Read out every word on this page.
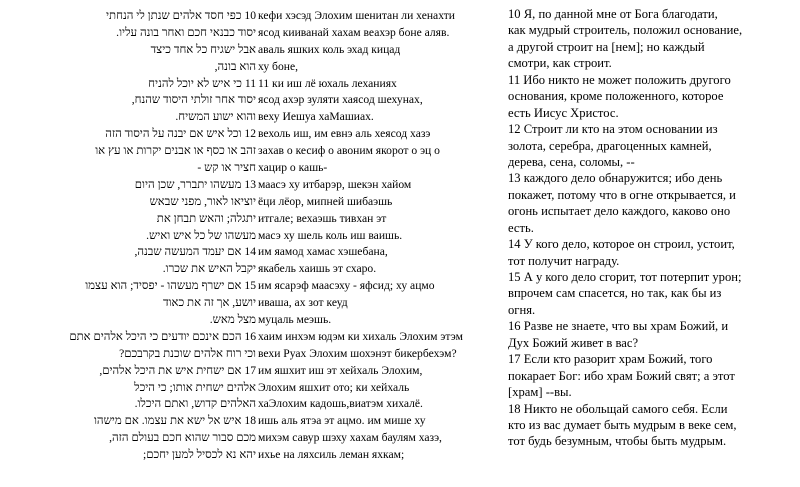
10 כפי חסד אלהים שנתן לי הנחתי
יסוד כבנאי חכם ואחר בונה עליו.
אבל ישגיח כל אחד כיצד
הוא בונה,
11 כי איש לא יוכל להניח
יסוד אחר זולתי היסוד שהנח,
והוא ישוע המשיח.
12 וכל איש אם יבנה על היסוד הזה
זהב או כסף או אבנים יקרות או עץ או
חציר או קש -
13 מעשהו יתברר, שכן היום
יוציאו לאור, מפני שבאש
יתגלה; והאש תבחן את
מעשהו של כל איש ואיש.
14 אם יעמד המעשה שבנה,
יקבל האיש את שכרו.
15 אם ישרף מעשהו - יפסיד; הוא עצמו
יושע, אך זה את כאוד
מצל מאש.
16 הכם אינכם יודעים כי היכל אלהים אתם
וכי רוח אלהים שוכנת בקרבכם?
17 אם ישחית איש את היכל אלהים,
אלהים ישחית אותו; כי היכל
האלהים קדוש, ואתם היכלו.
18 איש אל ישא את עצמו. אם מישהו
מכם סבור שהוא חכם בעולם הזה,
יהא נא לכסיל למען יחכם;
кефи хэсэд Элохим шенитан ли хенахти
ясод кииванай хахам веахэр боне аляв.
аваль яшких коль эхад кицад
ху боне,
11 ки иш лё юхаль леханиях
ясод ахэр зуляти хаясод шехунах,
веху Иешуа хаМашиах.
вехоль иш, им евнэ аль хеясод хазэ
захав о кесиф о авоним якорот о эц о
хацир о кашь-
маасэ ху итбарэр, шекэн хайом
ёци лёор, мипней шибаэшь
итгале; вехаэшь тивхан эт
масэ ху шель коль иш ваишь.
им яамод хамас хэшебана,
якабель хаишь эт схаро.
им ясарэф маасэху - яфсид; ху ацмо
иваша, ах зот кеуд
муцаль меэшь.
хаим инхэм юдэм ки хихаль Элохим этэм
вехи Руах Элохим шохэнэт бикербехэм?
им яшхит иш эт хейхаль Элохим,
Элохим яшхит ото; ки хейхаль
хаЭлохим кадошь,виатэм хихалё.
ишь аль ятэа эт ацмо. им мише ху
михэм савур шэху хахам баулям хазэ,
ихье на ляхсиль леман яхкам;
10 Я, по данной мне от Бога благодати,
как мудрый строитель, положил основание,
а другой строит на [нем]; но каждый
смотри, как строит.
11 Ибо никто не может положить другого
основания, кроме положенного, которое
есть Иисус Христос.
12 Строит ли кто на этом основании из
золота, серебра, драгоценных камней,
дерева, сена, соломы, --
13 каждого дело обнаружится; ибо день
покажет, потому что в огне открывается, и
огонь испытает дело каждого, каково оно
есть.
14 У кого дело, которое он строил, устоит,
тот получит награду.
15 А у кого дело сгорит, тот потерпит урон;
впрочем сам спасется, но так, как бы из
огня.
16 Разве не знаете, что вы храм Божий, и
Дух Божий живет в вас?
17 Если кто разорит храм Божий, того
покарает Бог: ибо храм Божий свят; а этот
[храм] --вы.
18 Никто не обольщай самого себя. Если
кто из вас думает быть мудрым в веке сем,
тот будь безумным, чтобы быть мудрым.
